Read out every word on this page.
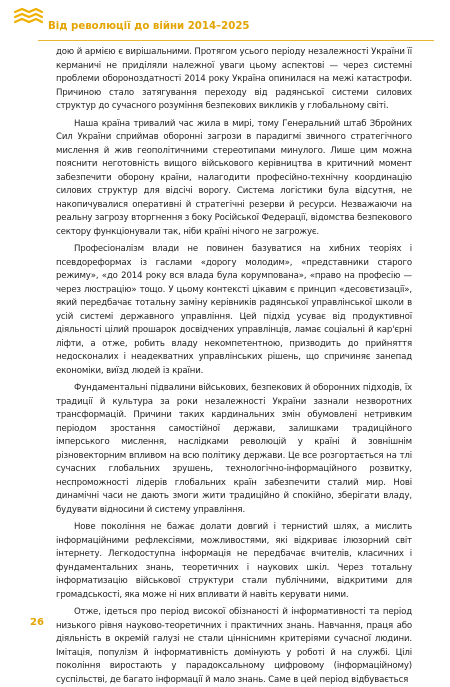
Від революції до війни 2014–2025

дою й армією є вирішальними. Протягом усього періоду незалежності України її керманичі не приділяли належної уваги цьому аспектові — через системні проблеми обороноздатності 2014 року Україна опинилася на межі катастрофи. Причиною стало затягування переходу від радянської системи силових структур до сучасного розуміння безпекових викликів у глобальному світі.

Наша країна тривалий час жила в мирі, тому Генеральний штаб Збройних Сил України сприймав оборонні загрози в парадигмі звичного стратегічного мислення й жив геополітичними стереотипами минулого. Лише цим можна пояснити неготовність вищого військового керівництва в критичний момент забезпечити оборону країни, налагодити професійно-технічну координацію силових структур для відсічі ворогу. Система логістики була відсутня, не накопичувалися оперативні й стратегічні резерви й ресурси. Незважаючи на реальну загрозу вторгнення з боку Російської Федерації, відомства безпекового сектору функціонували так, ніби країні нічого не загрожує.

Професіоналізм влади не повинен базуватися на хибних теоріях і псевдореформах із гаслами «дорогу молодим», «представники старого режиму», «до 2014 року вся влада була корумпована», «право на професію — через люстрацію» тощо. У цьому контексті цікавим є принцип «десовєтизації», який передбачає тотальну заміну керівників радянської управлінської школи в усій системі державного управління. Цей підхід усуває від продуктивної діяльності цілий прошарок досвідчених управлінців, ламає соціальні й кар'єрні ліфти, а отже, робить владу некомпетентною, призводить до прийняття недосконалих і неадекватних управлінських рішень, що спричиняє занепад економіки, виїзд людей із країни.

Фундаментальні підвалини військових, безпекових й оборонних підходів, їх традиції й культура за роки незалежності України зазнали незворотних трансформацій. Причини таких кардинальних змін обумовлені нетривким періодом зростання самостійної держави, залишками традиційного імперського мислення, наслідками революцій у країні й зовнішнім різновекторним впливом на всю політику держави. Це все розгортається на тлі сучасних глобальних зрушень, технологічно-інформаційного розвитку, неспроможності лідерів глобальних країн забезпечити сталий мир. Нові динамічні часи не дають змоги жити традиційно й спокійно, зберігати владу, будувати відносини й систему управління.

Нове покоління не бажає долати довгий і тернистий шлях, а мислить інформаційними рефлексіями, можливостями, які відкриває ілюзорний світ інтернету. Легкодоступна інформація не передбачає вчителів, класичних і фундаментальних знань, теоретичних і наукових шкіл. Через тотальну інформатизацію військової структури стали публічними, відкритими для громадськості, яка може ні них впливати й навіть керувати ними.

Отже, ідеться про період високої обізнаності й інформативності та період низького рівня науково-теоретичних і практичних знань. Навчання, праця або діяльність в окремій галузі не стали цінніснимн критеріями сучасної людини. Імітація, популізм й інформативність домінують у роботі й на службі. Цілі покоління виростають у парадоксальному цифровому (інформаційному) суспільстві, де багато інформації й мало знань. Саме в цей період відбувається

26
